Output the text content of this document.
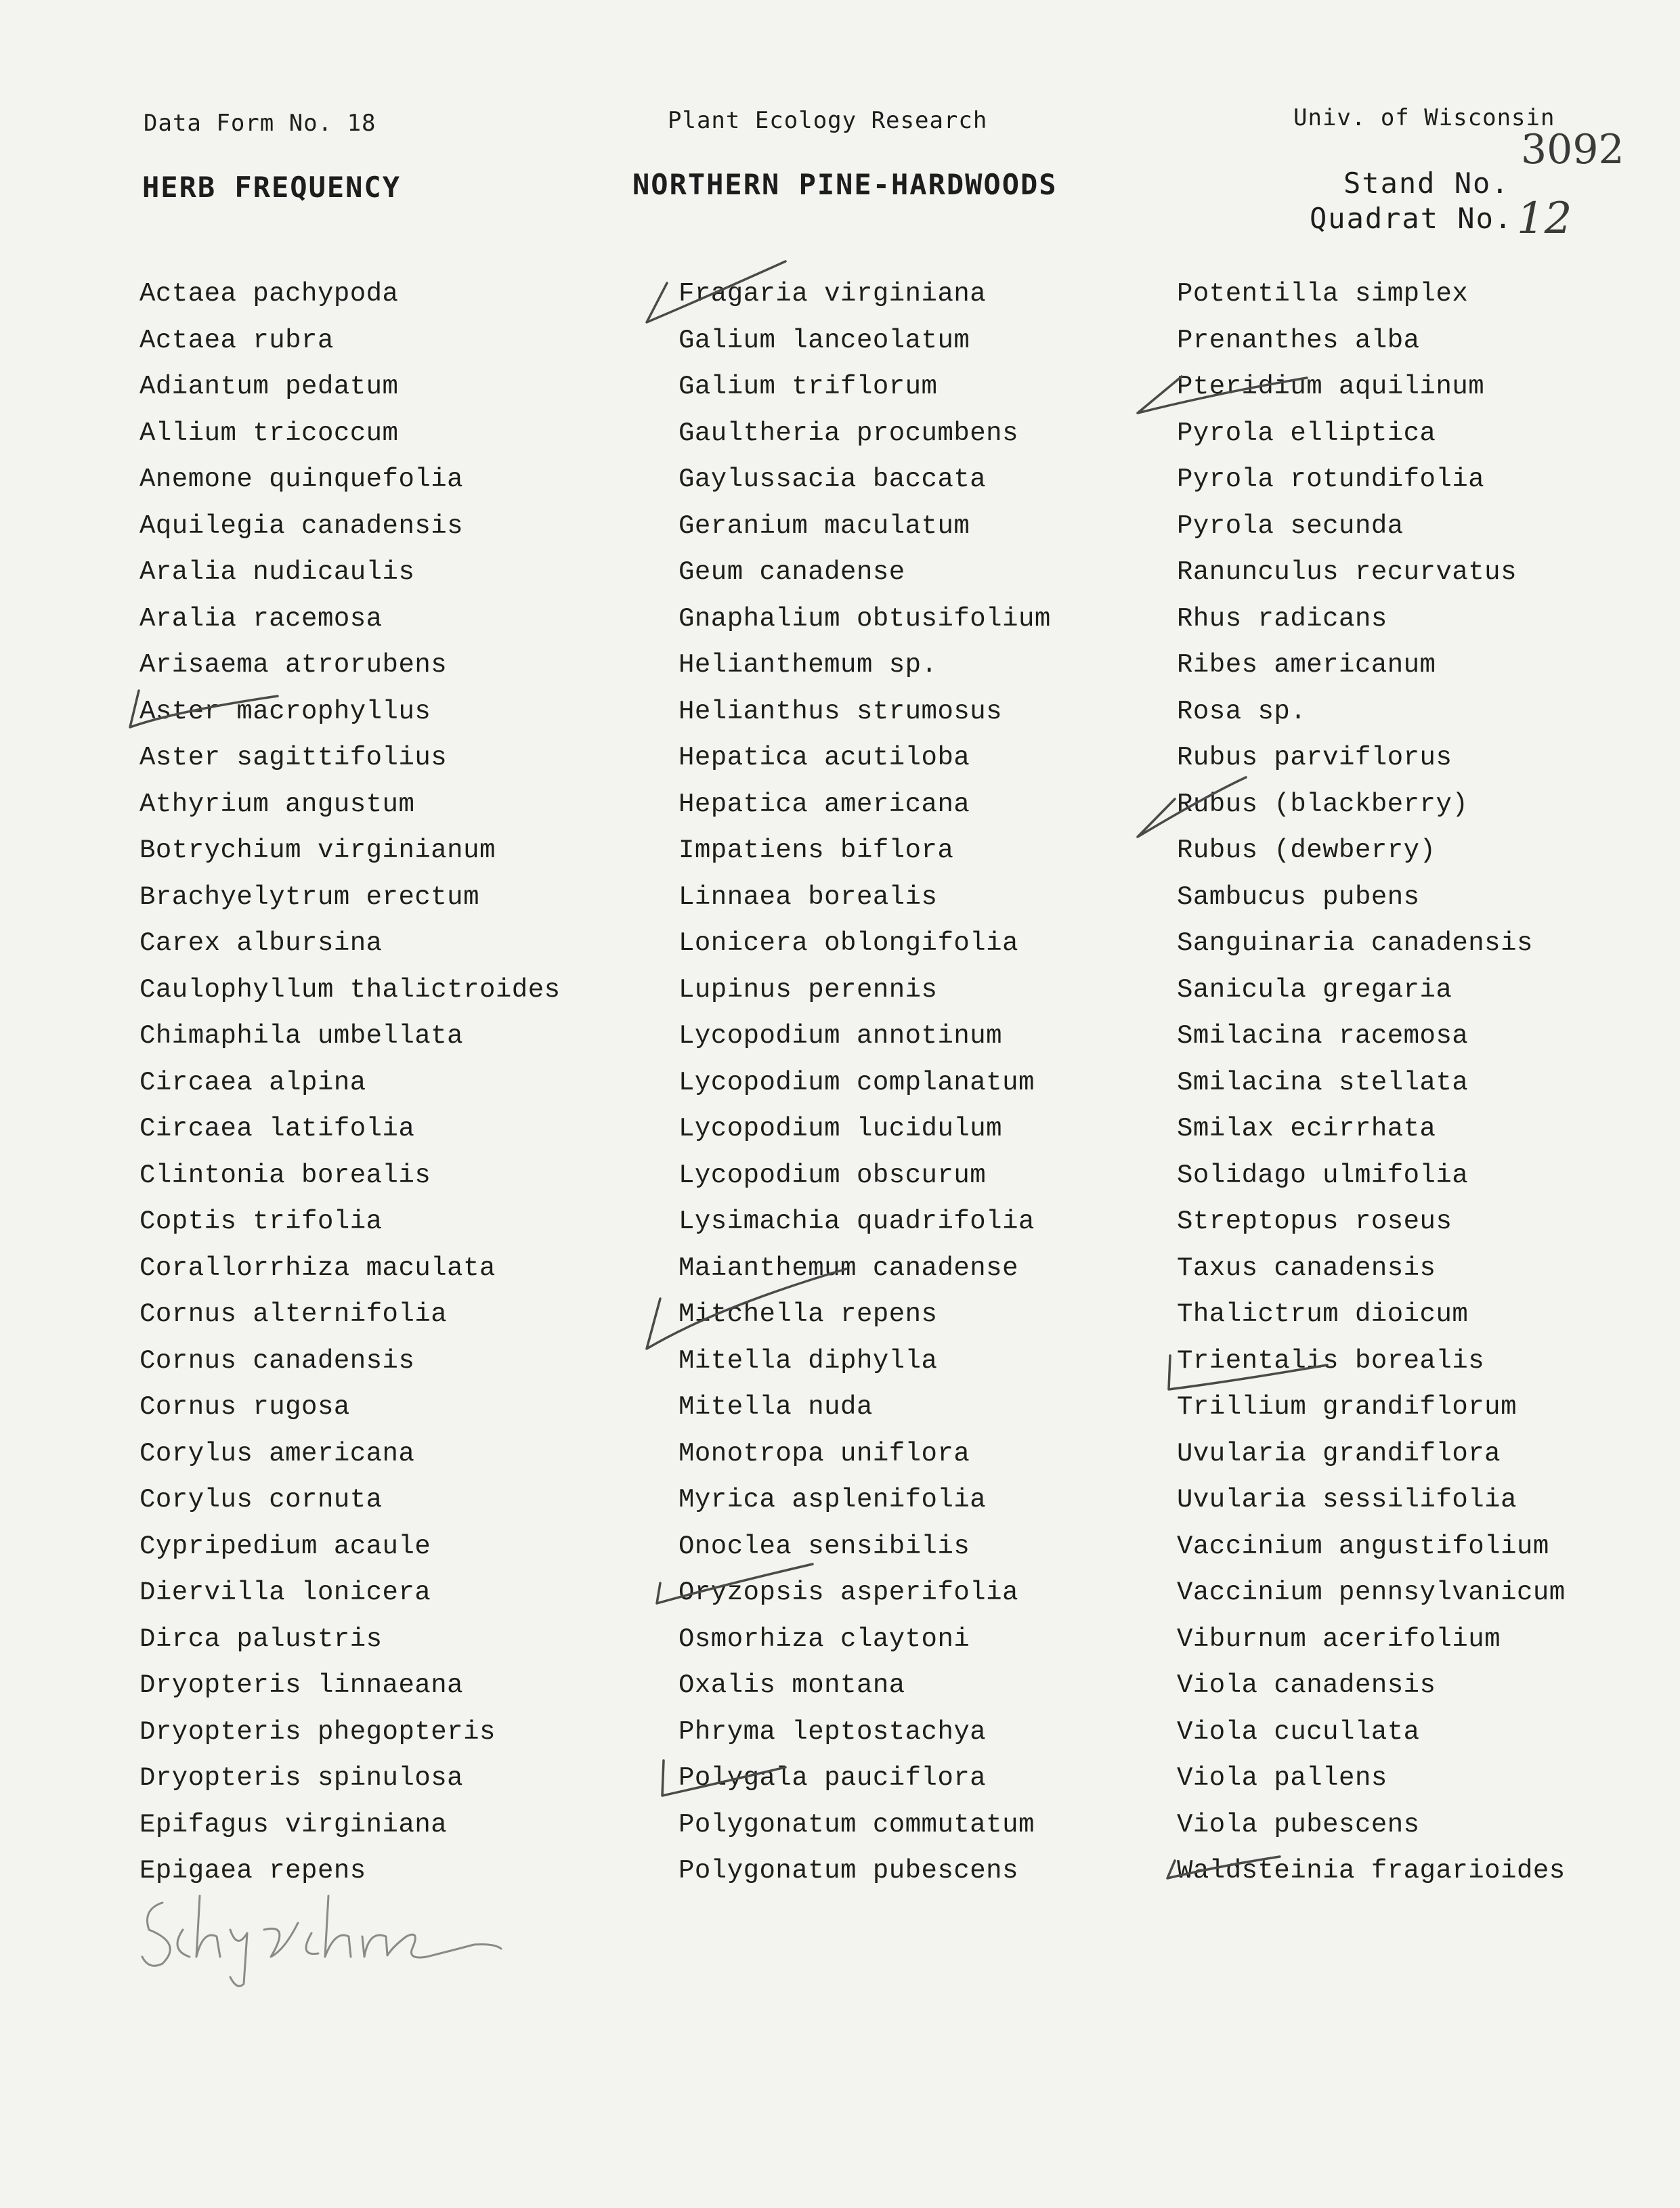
Data Form No. 18	Plant Ecology Research	Univ. of Wisconsin
HERB FREQUENCY	NORTHERN PINE-HARDWOODS	Stand No.
Quadrat No.
3092
12
Actaea pachypoda
Actaea rubra
Adiantum pedatum
Allium tricoccum
Anemone quinquefolia
Aquilegia canadensis
Aralia nudicaulis
Aralia racemosa
Arisaema atrorubens
Aster macrophyllus
Aster sagittifolius
Athyrium angustum
Botrychium virginianum
Brachyelytrum erectum
Carex albursina
Caulophyllum thalictroides
Chimaphila umbellata
Circaea alpina
Circaea latifolia
Clintonia borealis
Coptis trifolia
Corallorrhiza maculata
Cornus alternifolia
Cornus canadensis
Cornus rugosa
Corylus americana
Corylus cornuta
Cypripedium acaule
Diervilla lonicera
Dirca palustris
Dryopteris linnaeana
Dryopteris phegopteris
Dryopteris spinulosa
Epifagus virginiana
Epigaea repens
Fragaria virginiana
Galium lanceolatum
Galium triflorum
Gaultheria procumbens
Gaylussacia baccata
Geranium maculatum
Geum canadense
Gnaphalium obtusifolium
Helianthemum sp.
Helianthus strumosus
Hepatica acutiloba
Hepatica americana
Impatiens biflora
Linnaea borealis
Lonicera oblongifolia
Lupinus perennis
Lycopodium annotinum
Lycopodium complanatum
Lycopodium lucidulum
Lycopodium obscurum
Lysimachia quadrifolia
Maianthemum canadense
Mitchella repens
Mitella diphylla
Mitella nuda
Monotropa uniflora
Myrica asplenifolia
Onoclea sensibilis
Oryzopsis asperifolia
Osmorhiza claytoni
Oxalis montana
Phryma leptostachya
Polygala pauciflora
Polygonatum commutatum
Polygonatum pubescens
Potentilla simplex
Prenanthes alba
Pteridium aquilinum
Pyrola elliptica
Pyrola rotundifolia
Pyrola secunda
Ranunculus recurvatus
Rhus radicans
Ribes americanum
Rosa sp.
Rubus parviflorus
Rubus (blackberry)
Rubus (dewberry)
Sambucus pubens
Sanguinaria canadensis
Sanicula gregaria
Smilacina racemosa
Smilacina stellata
Smilax ecirrhata
Solidago ulmifolia
Streptopus roseus
Taxus canadensis
Thalictrum dioicum
Trientalis borealis
Trillium grandiflorum
Uvularia grandiflora
Uvularia sessilifolia
Vaccinium angustifolium
Vaccinium pennsylvanicum
Viburnum acerifolium
Viola canadensis
Viola cucullata
Viola pallens
Viola pubescens
Waldsteinia fragarioides
